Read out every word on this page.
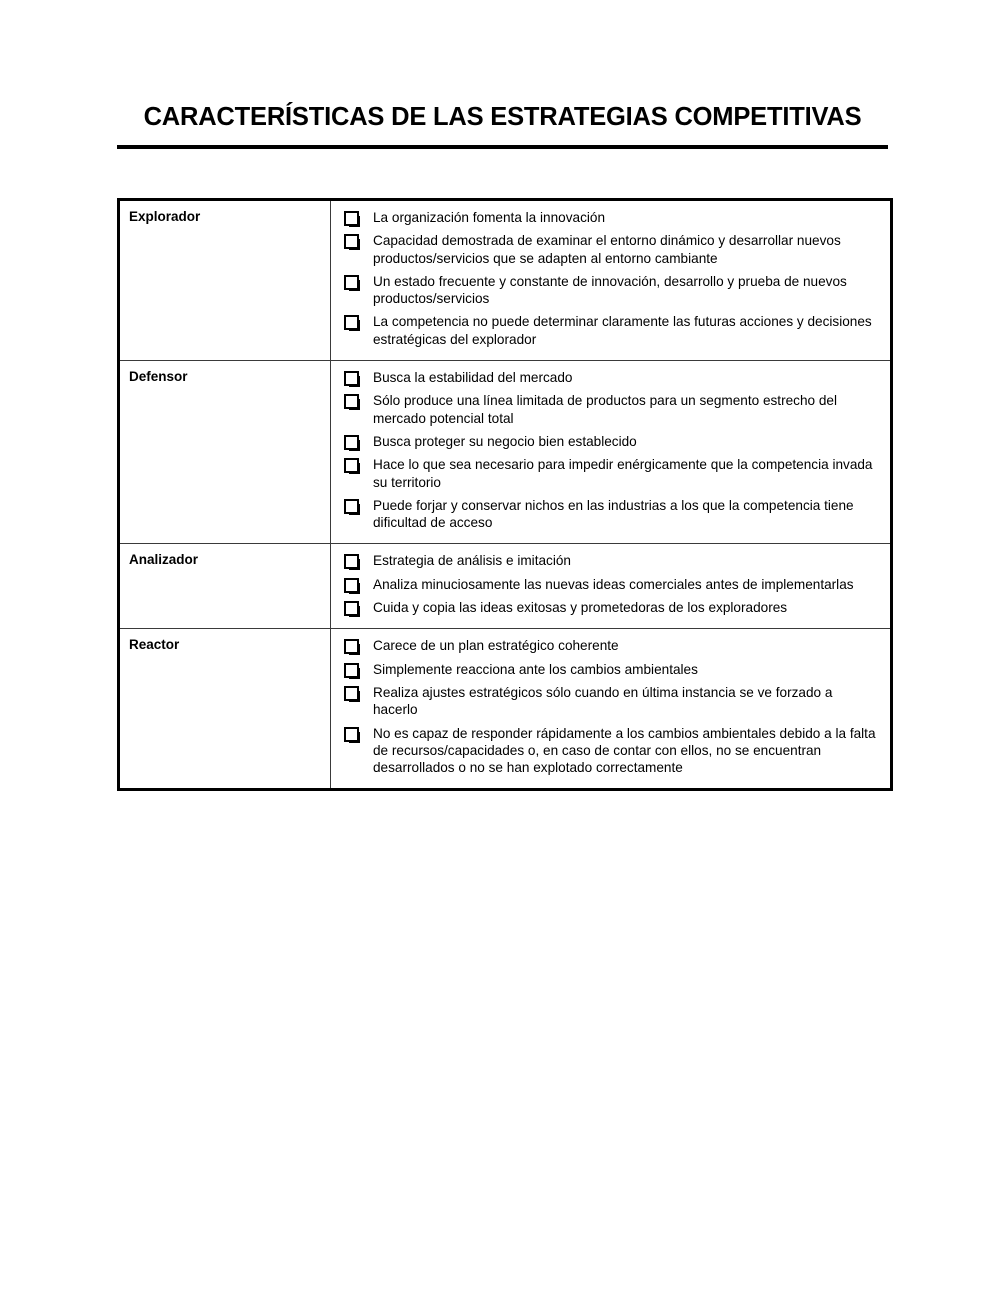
CARACTERÍSTICAS DE LAS ESTRATEGIAS COMPETITIVAS
Explorador	La organización fomenta la innovación
Capacidad demostrada de examinar el entorno dinámico y desarrollar nuevos productos/servicios que se adapten al entorno cambiante
Un estado frecuente y constante de innovación, desarrollo y prueba de nuevos productos/servicios
La competencia no puede determinar claramente las futuras acciones y decisiones estratégicas del explorador
Defensor	Busca la estabilidad del mercado
Sólo produce una línea limitada de productos para un segmento estrecho del mercado potencial total
Busca proteger su negocio bien establecido
Hace lo que sea necesario para impedir enérgicamente que la competencia invada su territorio
Puede forjar y conservar nichos en las industrias a los que la competencia tiene dificultad de acceso
Analizador	Estrategia de análisis e imitación
Analiza minuciosamente las nuevas ideas comerciales antes de implementarlas
Cuida y copia las ideas exitosas y prometedoras de los exploradores
Reactor	Carece de un plan estratégico coherente
Simplemente reacciona ante los cambios ambientales
Realiza ajustes estratégicos sólo cuando en última instancia se ve forzado a hacerlo
No es capaz de responder rápidamente a los cambios ambientales debido a la falta de recursos/capacidades o, en caso de contar con ellos, no se encuentran desarrollados o no se han explotado correctamente
